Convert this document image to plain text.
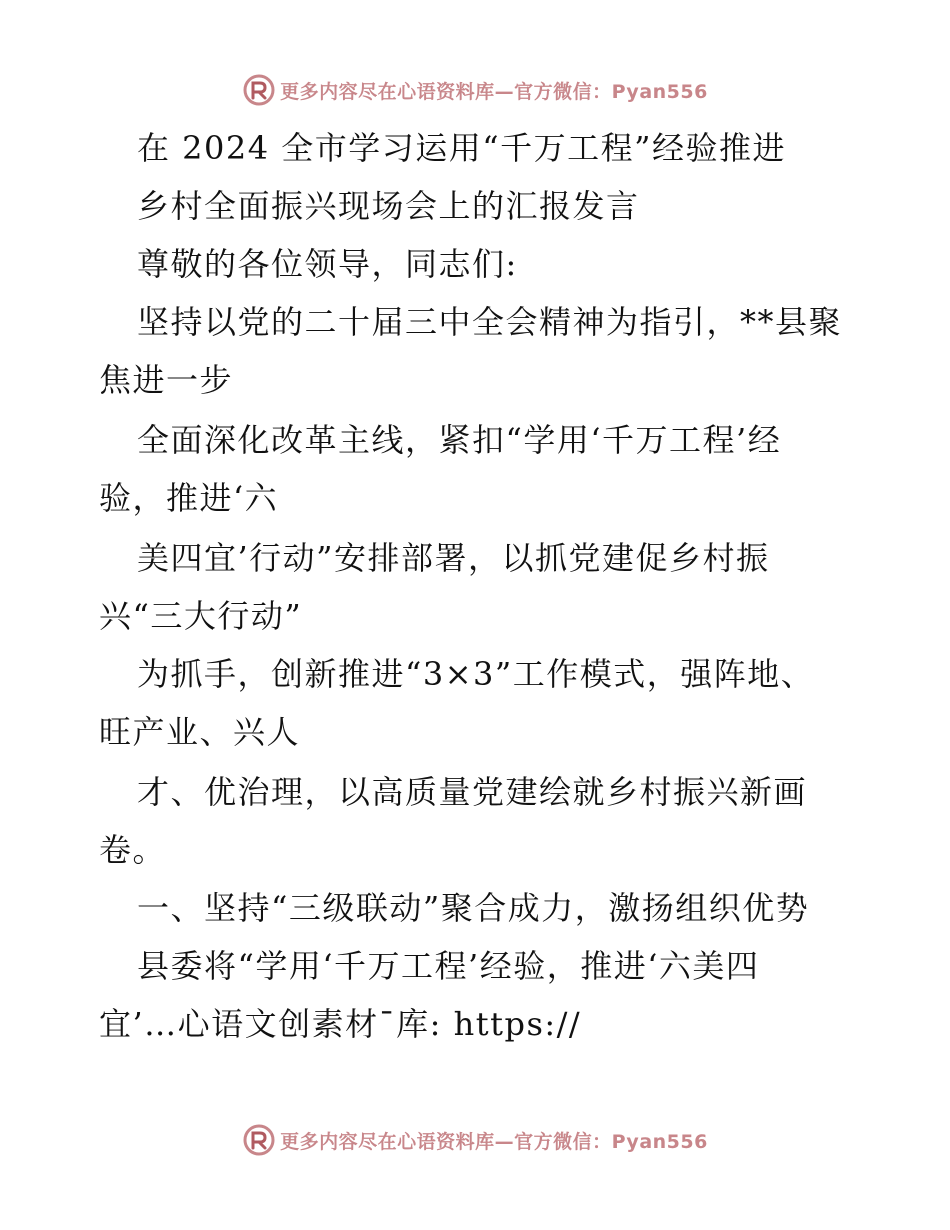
更多内容尽在心语资料库—官方微信：Pyan556
在 2024 全市学习运用“千万工程”经验推进
乡村全面振兴现场会上的汇报发言
尊敬的各位领导，同志们:
坚持以党的二十届三中全会精神为指引，**县聚
焦进一步
全面深化改革主线，紧扣“学用‘千万工程’经
验，推进‘六
美四宜’行动”安排部署，以抓党建促乡村振
兴“三大行动”
为抓手，创新推进“3×3”工作模式，强阵地、
旺产业、兴人
才、优治理，以高质量党建绘就乡村振兴新画
卷。
一、坚持“三级联动”聚合成力，激扬组织优势
县委将“学用‘千万工程’经验，推进‘六美四
宜’…心语文创素材¯库: https://
更多内容尽在心语资料库—官方微信：Pyan556
